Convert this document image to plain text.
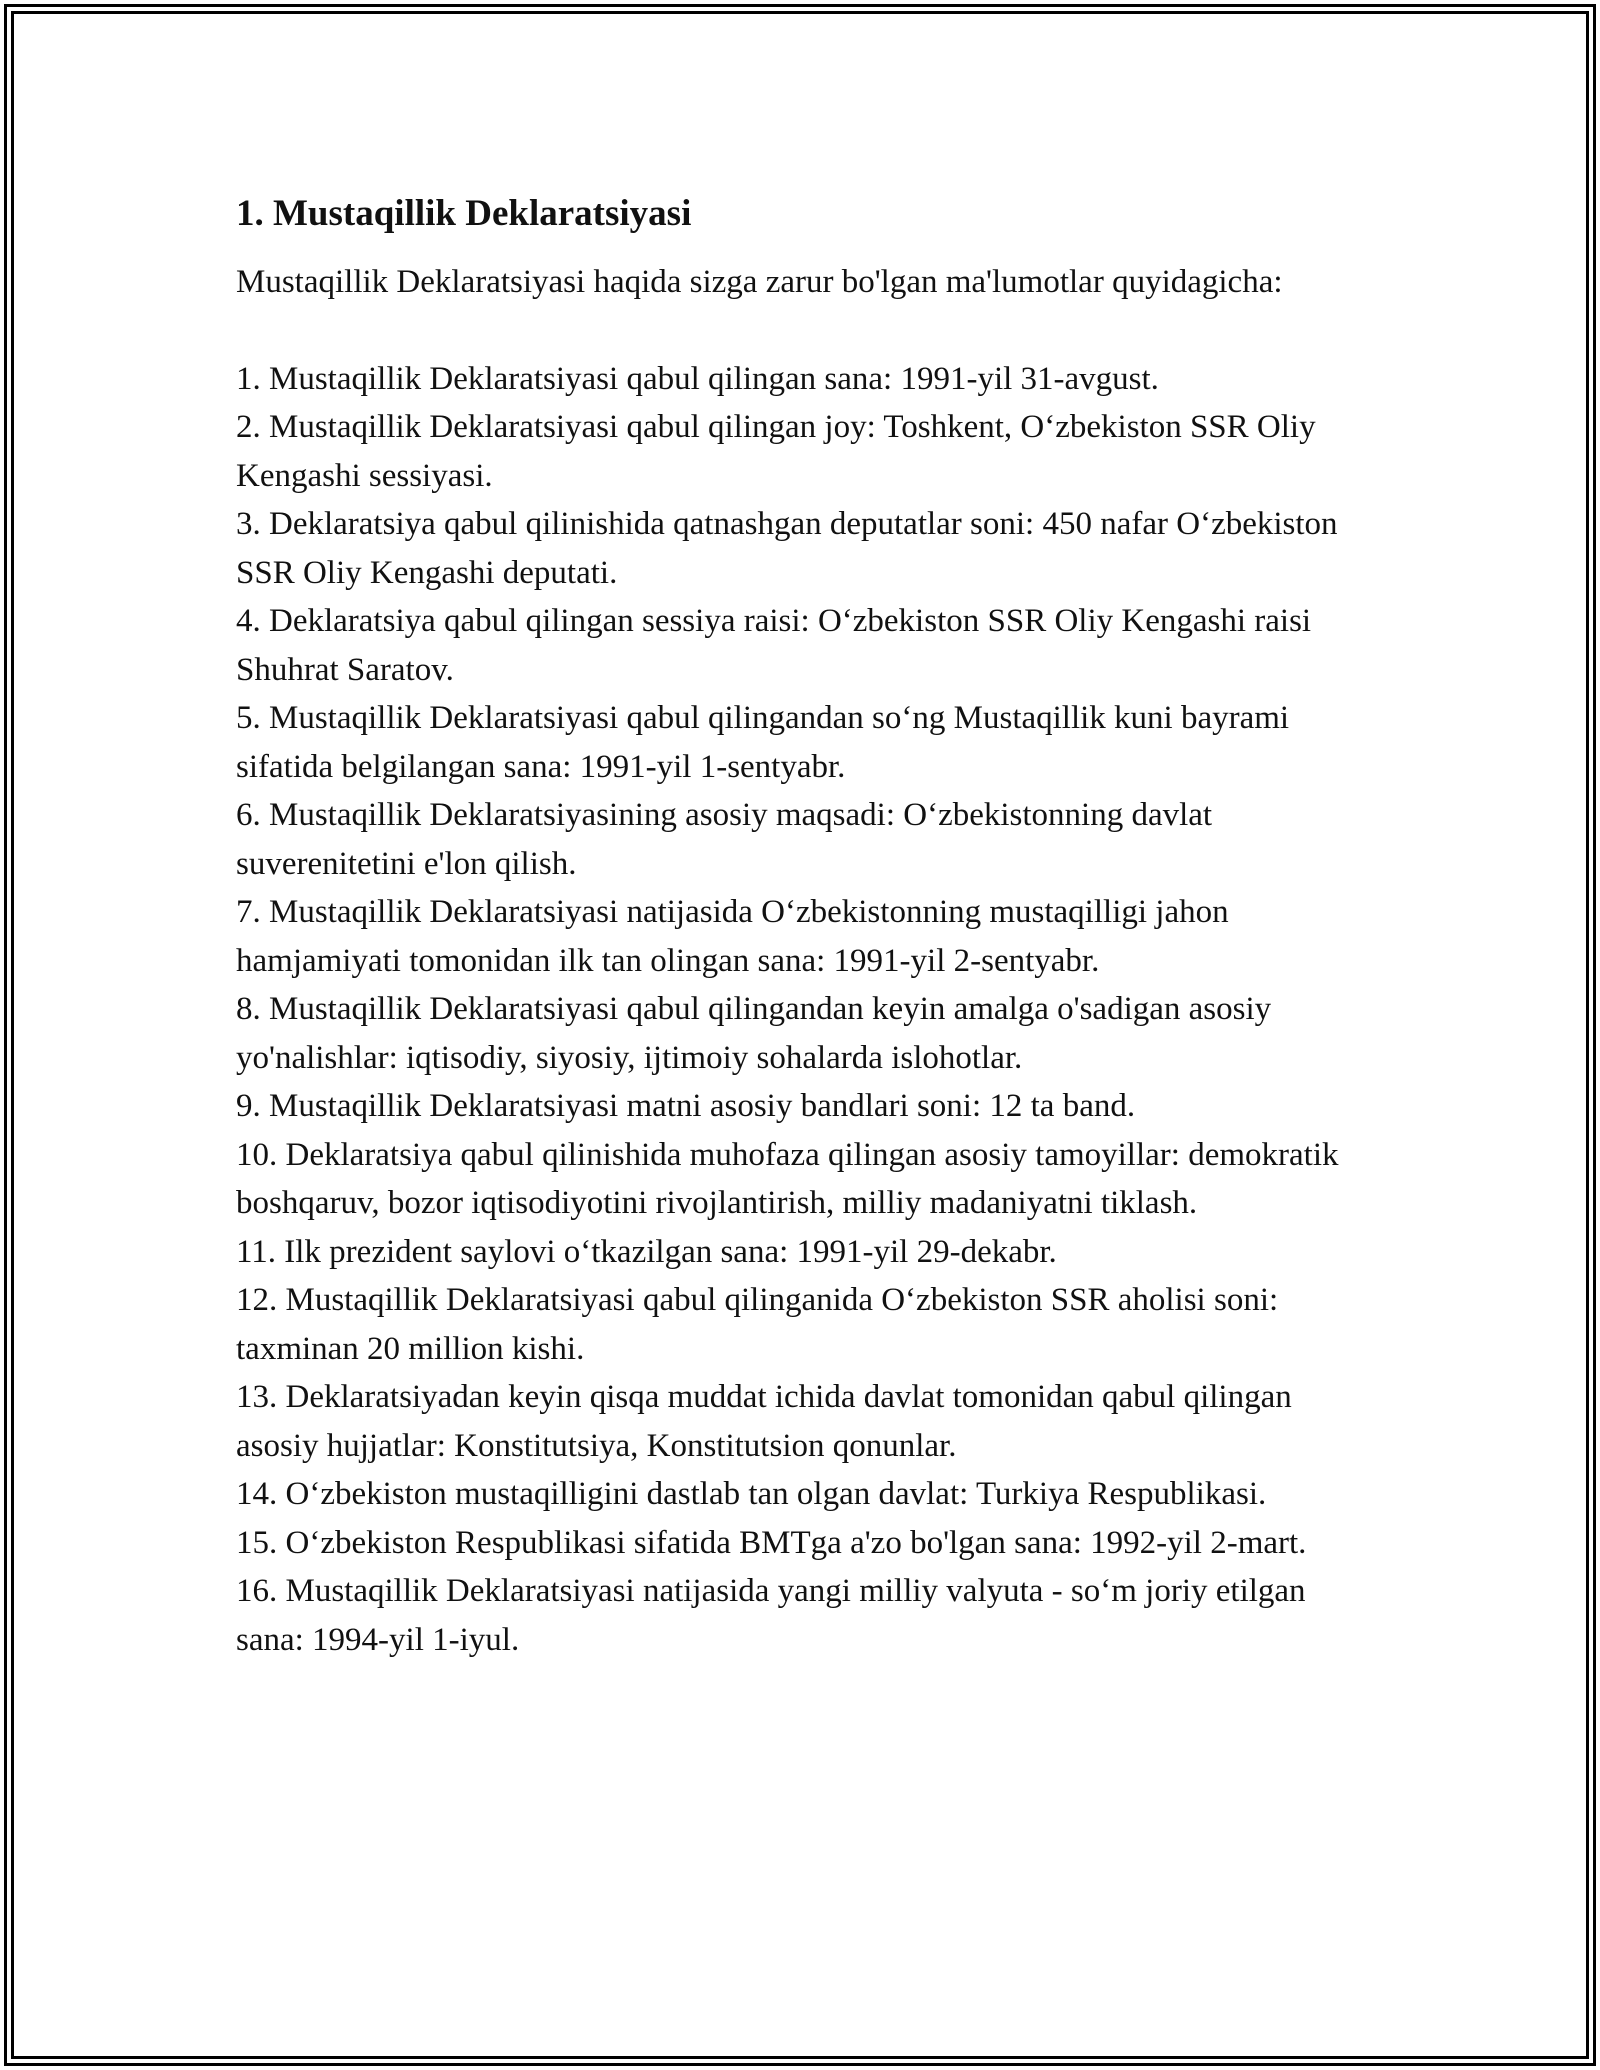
1. Mustaqillik Deklaratsiyasi

Mustaqillik Deklaratsiyasi haqida sizga zarur bo'lgan ma'lumotlar quyidagicha:

1. Mustaqillik Deklaratsiyasi qabul qilingan sana: 1991-yil 31-avgust.
2. Mustaqillik Deklaratsiyasi qabul qilingan joy: Toshkent, O‘zbekiston SSR Oliy Kengashi sessiyasi.
3. Deklaratsiya qabul qilinishida qatnashgan deputatlar soni: 450 nafar O‘zbekiston SSR Oliy Kengashi deputati.
4. Deklaratsiya qabul qilingan sessiya raisi: O‘zbekiston SSR Oliy Kengashi raisi Shuhrat Saratov.
5. Mustaqillik Deklaratsiyasi qabul qilingandan so‘ng Mustaqillik kuni bayrami sifatida belgilangan sana: 1991-yil 1-sentyabr.
6. Mustaqillik Deklaratsiyasining asosiy maqsadi: O‘zbekistonning davlat suverenitetini e'lon qilish.
7. Mustaqillik Deklaratsiyasi natijasida O‘zbekistonning mustaqilligi jahon hamjamiyati tomonidan ilk tan olingan sana: 1991-yil 2-sentyabr.
8. Mustaqillik Deklaratsiyasi qabul qilingandan keyin amalga o'sadigan asosiy yo'nalishlar: iqtisodiy, siyosiy, ijtimoiy sohalarda islohotlar.
9. Mustaqillik Deklaratsiyasi matni asosiy bandlari soni: 12 ta band.
10. Deklaratsiya qabul qilinishida muhofaza qilingan asosiy tamoyillar: demokratik boshqaruv, bozor iqtisodiyotini rivojlantirish, milliy madaniyatni tiklash.
11. Ilk prezident saylovi o‘tkazilgan sana: 1991-yil 29-dekabr.
12. Mustaqillik Deklaratsiyasi qabul qilinganida O‘zbekiston SSR aholisi soni: taxminan 20 million kishi.
13. Deklaratsiyadan keyin qisqa muddat ichida davlat tomonidan qabul qilingan asosiy hujjatlar: Konstitutsiya, Konstitutsion qonunlar.
14. O‘zbekiston mustaqilligini dastlab tan olgan davlat: Turkiya Respublikasi.
15. O‘zbekiston Respublikasi sifatida BMTga a'zo bo'lgan sana: 1992-yil 2-mart.
16. Mustaqillik Deklaratsiyasi natijasida yangi milliy valyuta - so‘m joriy etilgan sana: 1994-yil 1-iyul.
